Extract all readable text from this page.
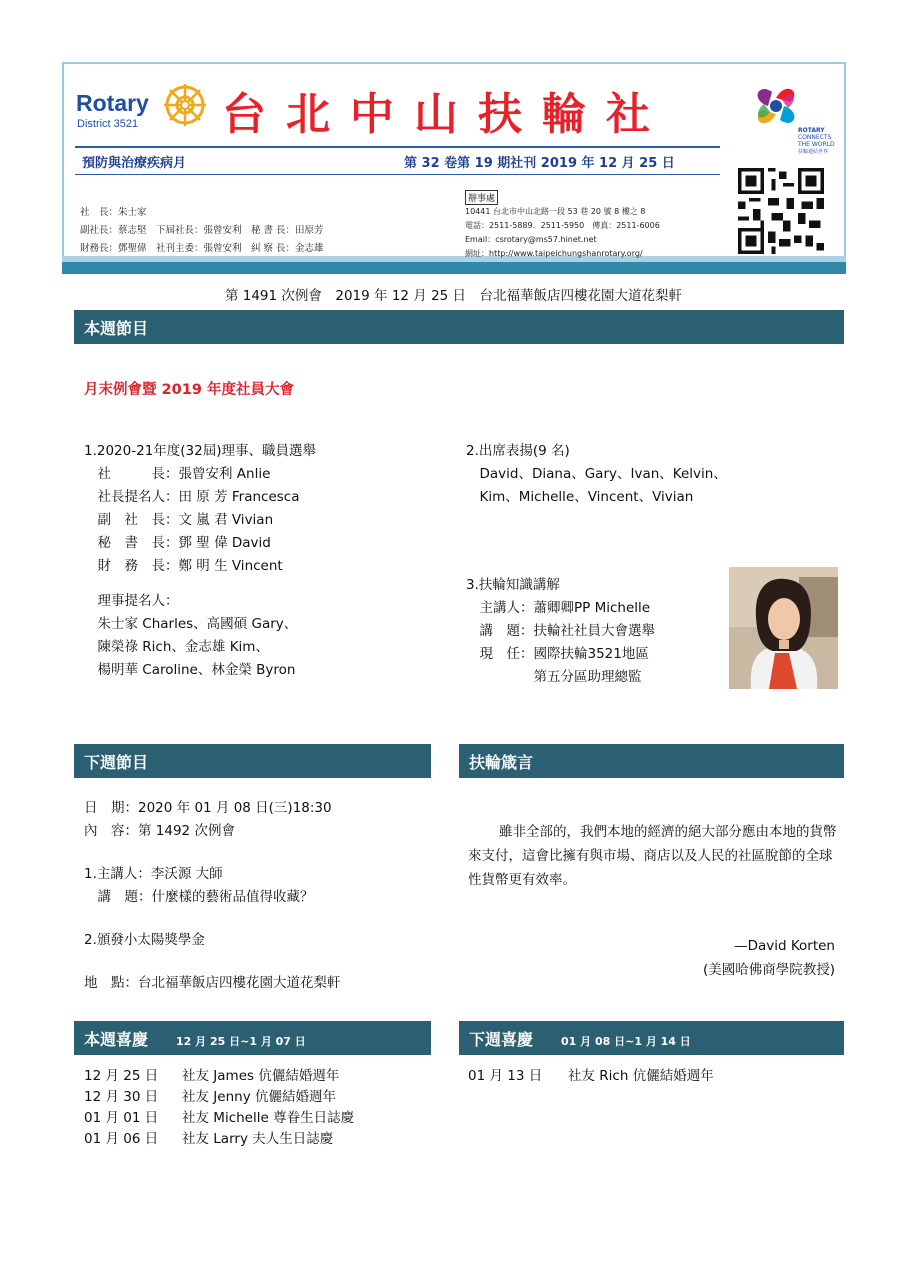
Rotary
District 3521 台北中山扶輪社	ROTARY
CONNECTS
THE WORLD
扶輪連結世界
預防與治療疾病月	第 32 卷第 19 期社刊 2019 年 12 月 25 日
社　長：朱士家
副社長：蔡志堅　下屆社長：張曾安利　秘 書 長：田原芳
財務長：鄧聖偉　社刊主委：張曾安利　糾 察 長：金志雄
辦事處
10441 台北市中山北路一段 53 巷 20 號 8 樓之 8
電話：2511-5889．2511-5950　傳真：2511-6006
Email：csrotary@ms57.hinet.net
網址：http://www.taipeichungshanrotary.org/
第 1491 次例會　2019 年 12 月 25 日　台北福華飯店四樓花園大道花梨軒
本週節目
月末例會暨 2019 年度社員大會
1.2020-21年度(32屆)理事、職員選舉
　社　　　長：張曾安利 Anlie
　社長提名人：田 原 芳 Francesca
　副　社　長：文 嵐 君 Vivian
　秘　書　長：鄧 聖 偉 David
　財　務　長：鄭 明 生 Vincent
　理事提名人：
　朱士家 Charles、高國碩 Gary、
　陳榮祿 Rich、金志雄 Kim、
　楊明華 Caroline、林金榮 Byron
2.出席表揚(9 名)
　David、Diana、Gary、Ivan、Kelvin、
　Kim、Michelle、Vincent、Vivian
3.扶輪知識講解
　主講人：蕭卿卿PP Michelle
　講　題：扶輪社社員大會選舉
　現　任：國際扶輪3521地區
　　　　　第五分區助理總監
下週節目
日　期：2020 年 01 月 08 日(三)18:30
內　容：第 1492 次例會
1.主講人：李沃源 大師
　講　題：什麼樣的藝術品值得收藏？
2.頒發小太陽獎學金
地　點：台北福華飯店四樓花園大道花梨軒
扶輪箴言
雖非全部的，我們本地的經濟的絕大部分應由本地的貨幣來支付，這會比擁有與市場、商店以及人民的社區脫節的全球性貨幣更有效率。
—David Korten
(美國哈佛商學院教授)
本週喜慶	12 月 25 日~1 月 07 日
12 月 25 日 社友 James 伉儷結婚週年
12 月 30 日 社友 Jenny 伉儷結婚週年
01 月 01 日 社友 Michelle 尊眷生日誌慶
01 月 06 日 社友 Larry 夫人生日誌慶
下週喜慶	01 月 08 日~1 月 14 日
01 月 13 日 社友 Rich 伉儷結婚週年
